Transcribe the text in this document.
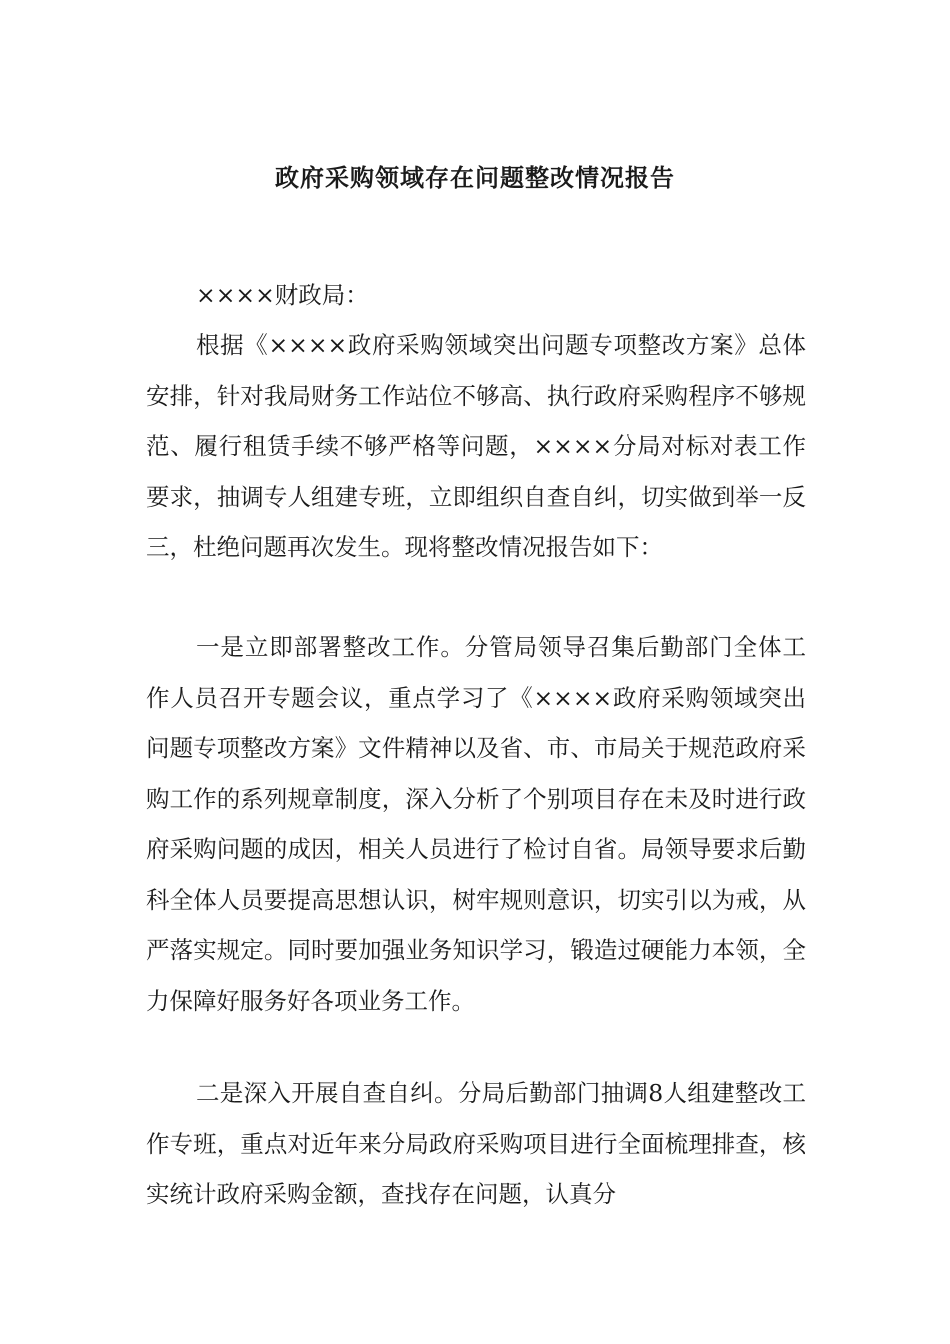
政府采购领域存在问题整改情况报告

××××财政局：

根据《××××政府采购领域突出问题专项整改方案》总体安排，针对我局财务工作站位不够高、执行政府采购程序不够规范、履行租赁手续不够严格等问题，××××分局对标对表工作要求，抽调专人组建专班，立即组织自查自纠，切实做到举一反三，杜绝问题再次发生。现将整改情况报告如下：

一是立即部署整改工作。分管局领导召集后勤部门全体工作人员召开专题会议，重点学习了《××××政府采购领域突出问题专项整改方案》文件精神以及省、市、市局关于规范政府采购工作的系列规章制度，深入分析了个别项目存在未及时进行政府采购问题的成因，相关人员进行了检讨自省。局领导要求后勤科全体人员要提高思想认识，树牢规则意识，切实引以为戒，从严落实规定。同时要加强业务知识学习，锻造过硬能力本领，全力保障好服务好各项业务工作。

二是深入开展自查自纠。分局后勤部门抽调8人组建整改工作专班，重点对近年来分局政府采购项目进行全面梳理排查，核实统计政府采购金额，查找存在问题，认真分
